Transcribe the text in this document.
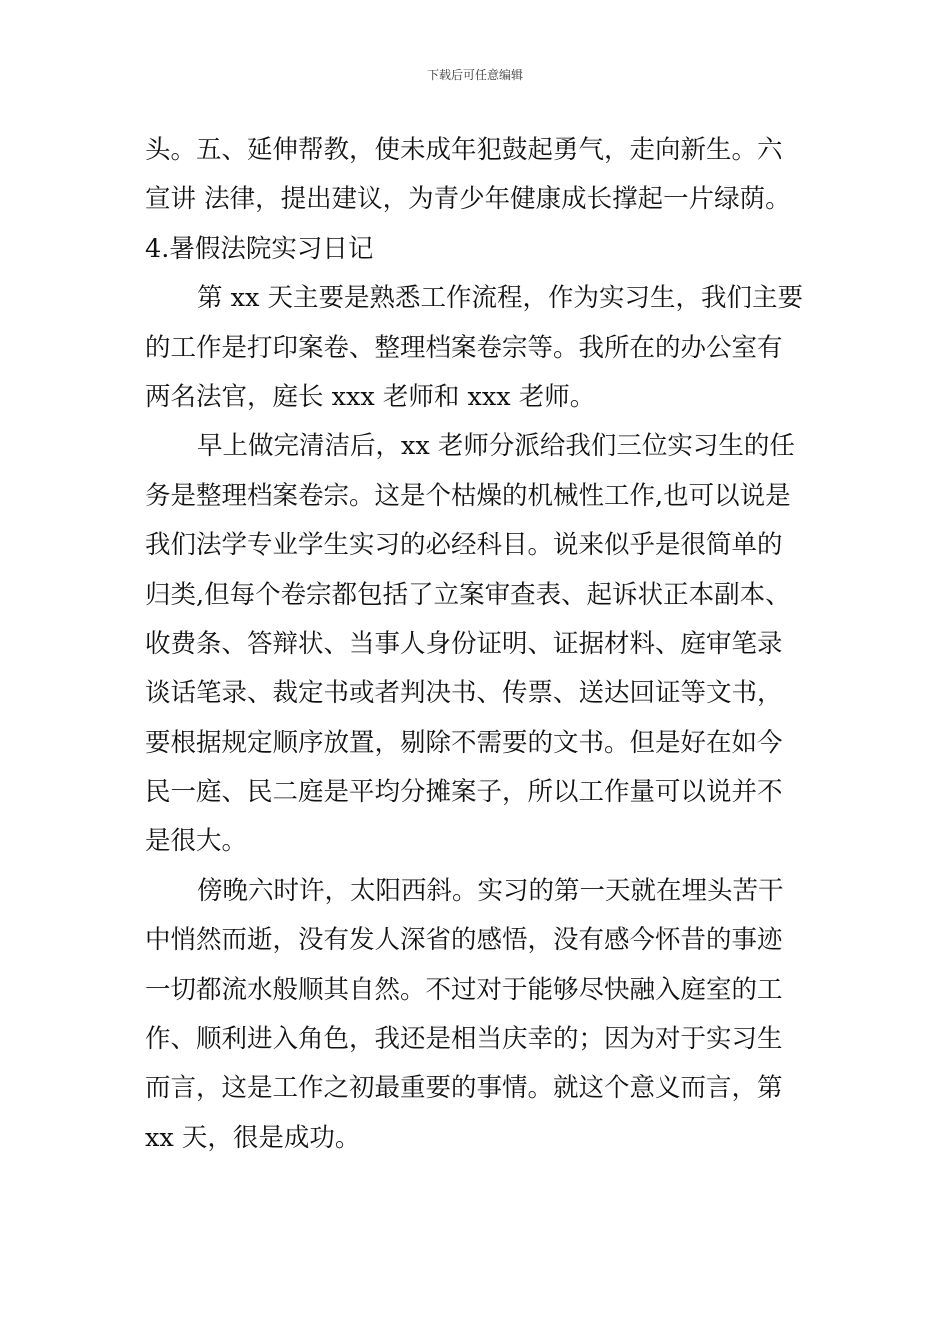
下载后可任意编辑
头。五、延伸帮教，使未成年犯鼓起勇气，走向新生。六
宣讲 法律，提出建议，为青少年健康成长撑起一片绿荫。
4.暑假法院实习日记
第 xx 天主要是熟悉工作流程，作为实习生，我们主要
的工作是打印案卷、整理档案卷宗等。我所在的办公室有
两名法官，庭长 xxx 老师和 xxx 老师。
早上做完清洁后，xx 老师分派给我们三位实习生的任
务是整理档案卷宗。这是个枯燥的机械性工作,也可以说是
我们法学专业学生实习的必经科目。说来似乎是很简单的
归类,但每个卷宗都包括了立案审查表、起诉状正本副本、
收费条、答辩状、当事人身份证明、证据材料、庭审笔录
谈话笔录、裁定书或者判决书、传票、送达回证等文书，
要根据规定顺序放置，剔除不需要的文书。但是好在如今
民一庭、民二庭是平均分摊案子，所以工作量可以说并不
是很大。
傍晚六时许，太阳西斜。实习的第一天就在埋头苦干
中悄然而逝，没有发人深省的感悟，没有感今怀昔的事迹
一切都流水般顺其自然。不过对于能够尽快融入庭室的工
作、顺利进入角色，我还是相当庆幸的；因为对于实习生
而言，这是工作之初最重要的事情。就这个意义而言，第
xx 天，很是成功。
